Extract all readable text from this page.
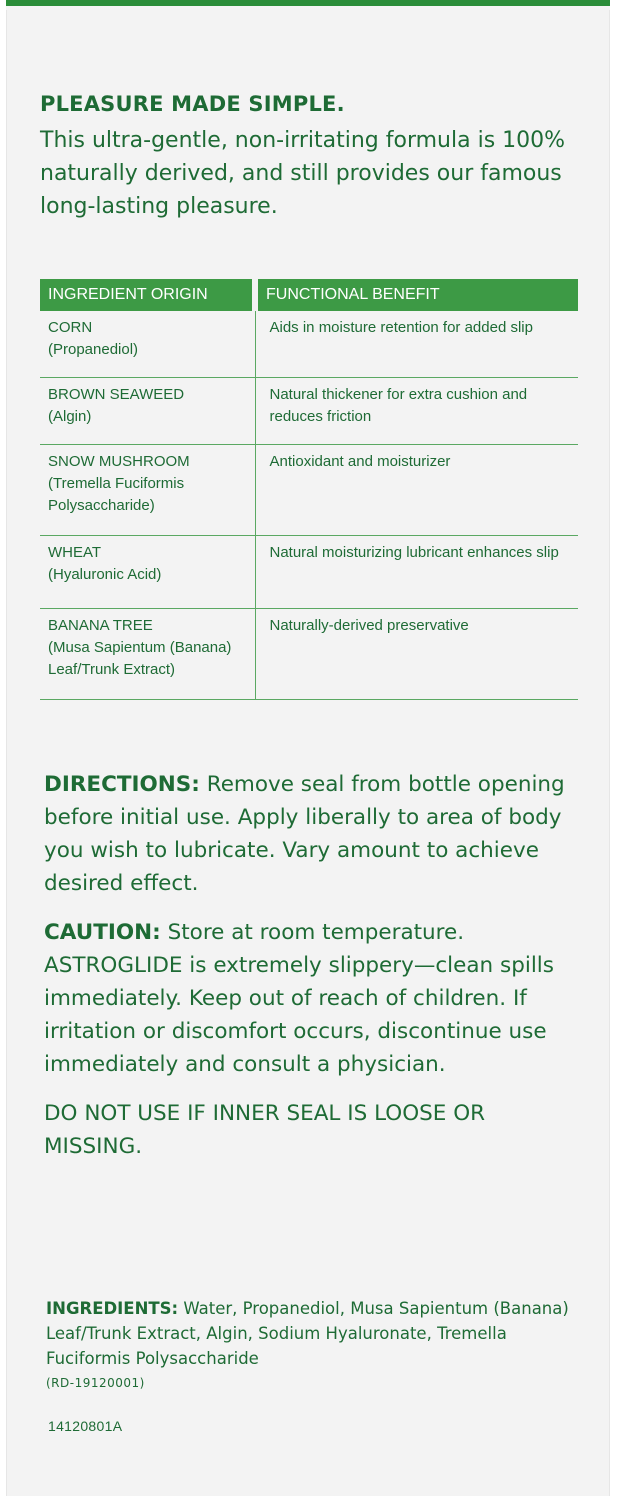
PLEASURE MADE SIMPLE.

This ultra-gentle, non-irritating formula is 100% naturally derived, and still provides our famous long-lasting pleasure.

INGREDIENT ORIGIN	FUNCTIONAL BENEFIT

CORN
(Propanediol)	Aids in moisture retention for added slip

BROWN SEAWEED
(Algin)	Natural thickener for extra cushion and reduces friction

SNOW MUSHROOM
(Tremella Fuciformis Polysaccharide)	Antioxidant and moisturizer

WHEAT
(Hyaluronic Acid)	Natural moisturizing lubricant enhances slip

BANANA TREE
(Musa Sapientum (Banana) Leaf/Trunk Extract)	Naturally-derived preservative

DIRECTIONS: Remove seal from bottle opening before initial use. Apply liberally to area of body you wish to lubricate. Vary amount to achieve desired effect.

CAUTION: Store at room temperature. ASTROGLIDE is extremely slippery—clean spills immediately. Keep out of reach of children. If irritation or discomfort occurs, discontinue use immediately and consult a physician.

DO NOT USE IF INNER SEAL IS LOOSE OR MISSING.

INGREDIENTS: Water, Propanediol, Musa Sapientum (Banana) Leaf/Trunk Extract, Algin, Sodium Hyaluronate, Tremella Fuciformis Polysaccharide
(RD-19120001)
14120801A
